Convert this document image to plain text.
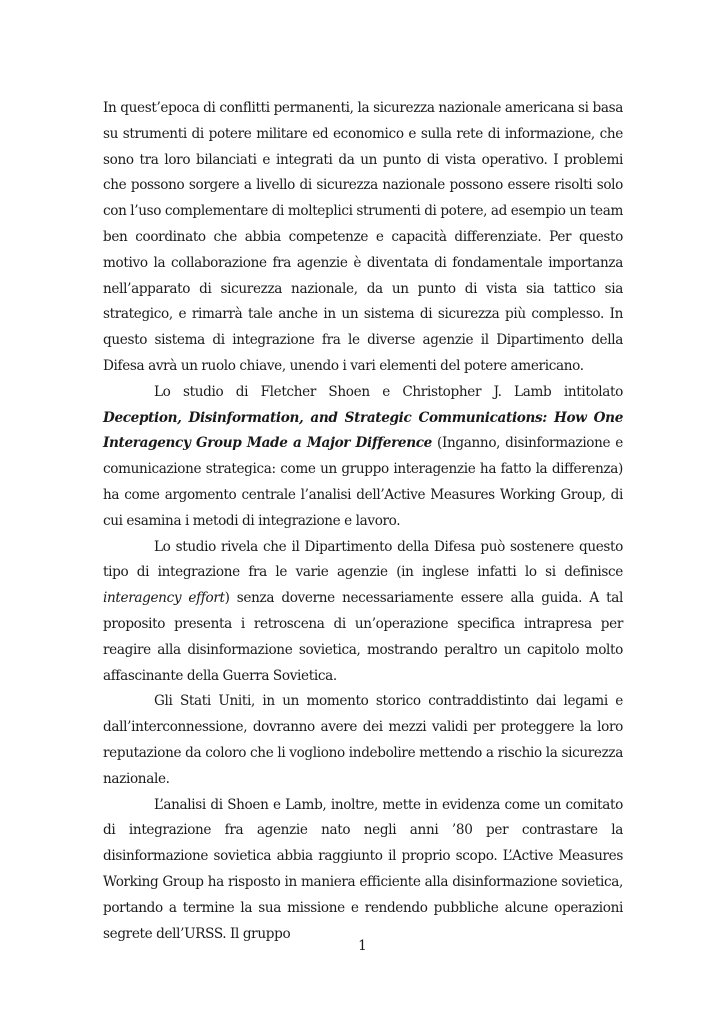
In quest’epoca di conflitti permanenti, la sicurezza nazionale americana si basa su strumenti di potere militare ed economico e sulla rete di informazione, che sono tra loro bilanciati e integrati da un punto di vista operativo. I problemi che possono sorgere a livello di sicurezza nazionale possono essere risolti solo con l’uso complementare di molteplici strumenti di potere, ad esempio un team ben coordinato che abbia competenze e capacità differenziate. Per questo motivo la collaborazione fra agenzie è diventata di fondamentale importanza nell’apparato di sicurezza nazionale, da un punto di vista sia tattico sia strategico, e rimarrà tale anche in un sistema di sicurezza più complesso. In questo sistema di integrazione fra le diverse agenzie il Dipartimento della Difesa avrà un ruolo chiave, unendo i vari elementi del potere americano.

Lo studio di Fletcher Shoen e Christopher J. Lamb intitolato Deception, Disinformation, and Strategic Communications: How One Interagency Group Made a Major Difference (Inganno, disinformazione e comunicazione strategica: come un gruppo interagenzie ha fatto la differenza) ha come argomento centrale l’analisi dell’Active Measures Working Group, di cui esamina i metodi di integrazione e lavoro.

Lo studio rivela che il Dipartimento della Difesa può sostenere questo tipo di integrazione fra le varie agenzie (in inglese infatti lo si definisce interagency effort) senza doverne necessariamente essere alla guida. A tal proposito presenta i retroscena di un’operazione specifica intrapresa per reagire alla disinformazione sovietica, mostrando peraltro un capitolo molto affascinante della Guerra Sovietica.

Gli Stati Uniti, in un momento storico contraddistinto dai legami e dall’interconnessione, dovranno avere dei mezzi validi per proteggere la loro reputazione da coloro che li vogliono indebolire mettendo a rischio la sicurezza nazionale.

L’analisi di Shoen e Lamb, inoltre, mette in evidenza come un comitato di integrazione fra agenzie nato negli anni ’80 per contrastare la disinformazione sovietica abbia raggiunto il proprio scopo. L’Active Measures Working Group ha risposto in maniera efficiente alla disinformazione sovietica, portando a termine la sua missione e rendendo pubbliche alcune operazioni segrete dell’URSS. Il gruppo

1
